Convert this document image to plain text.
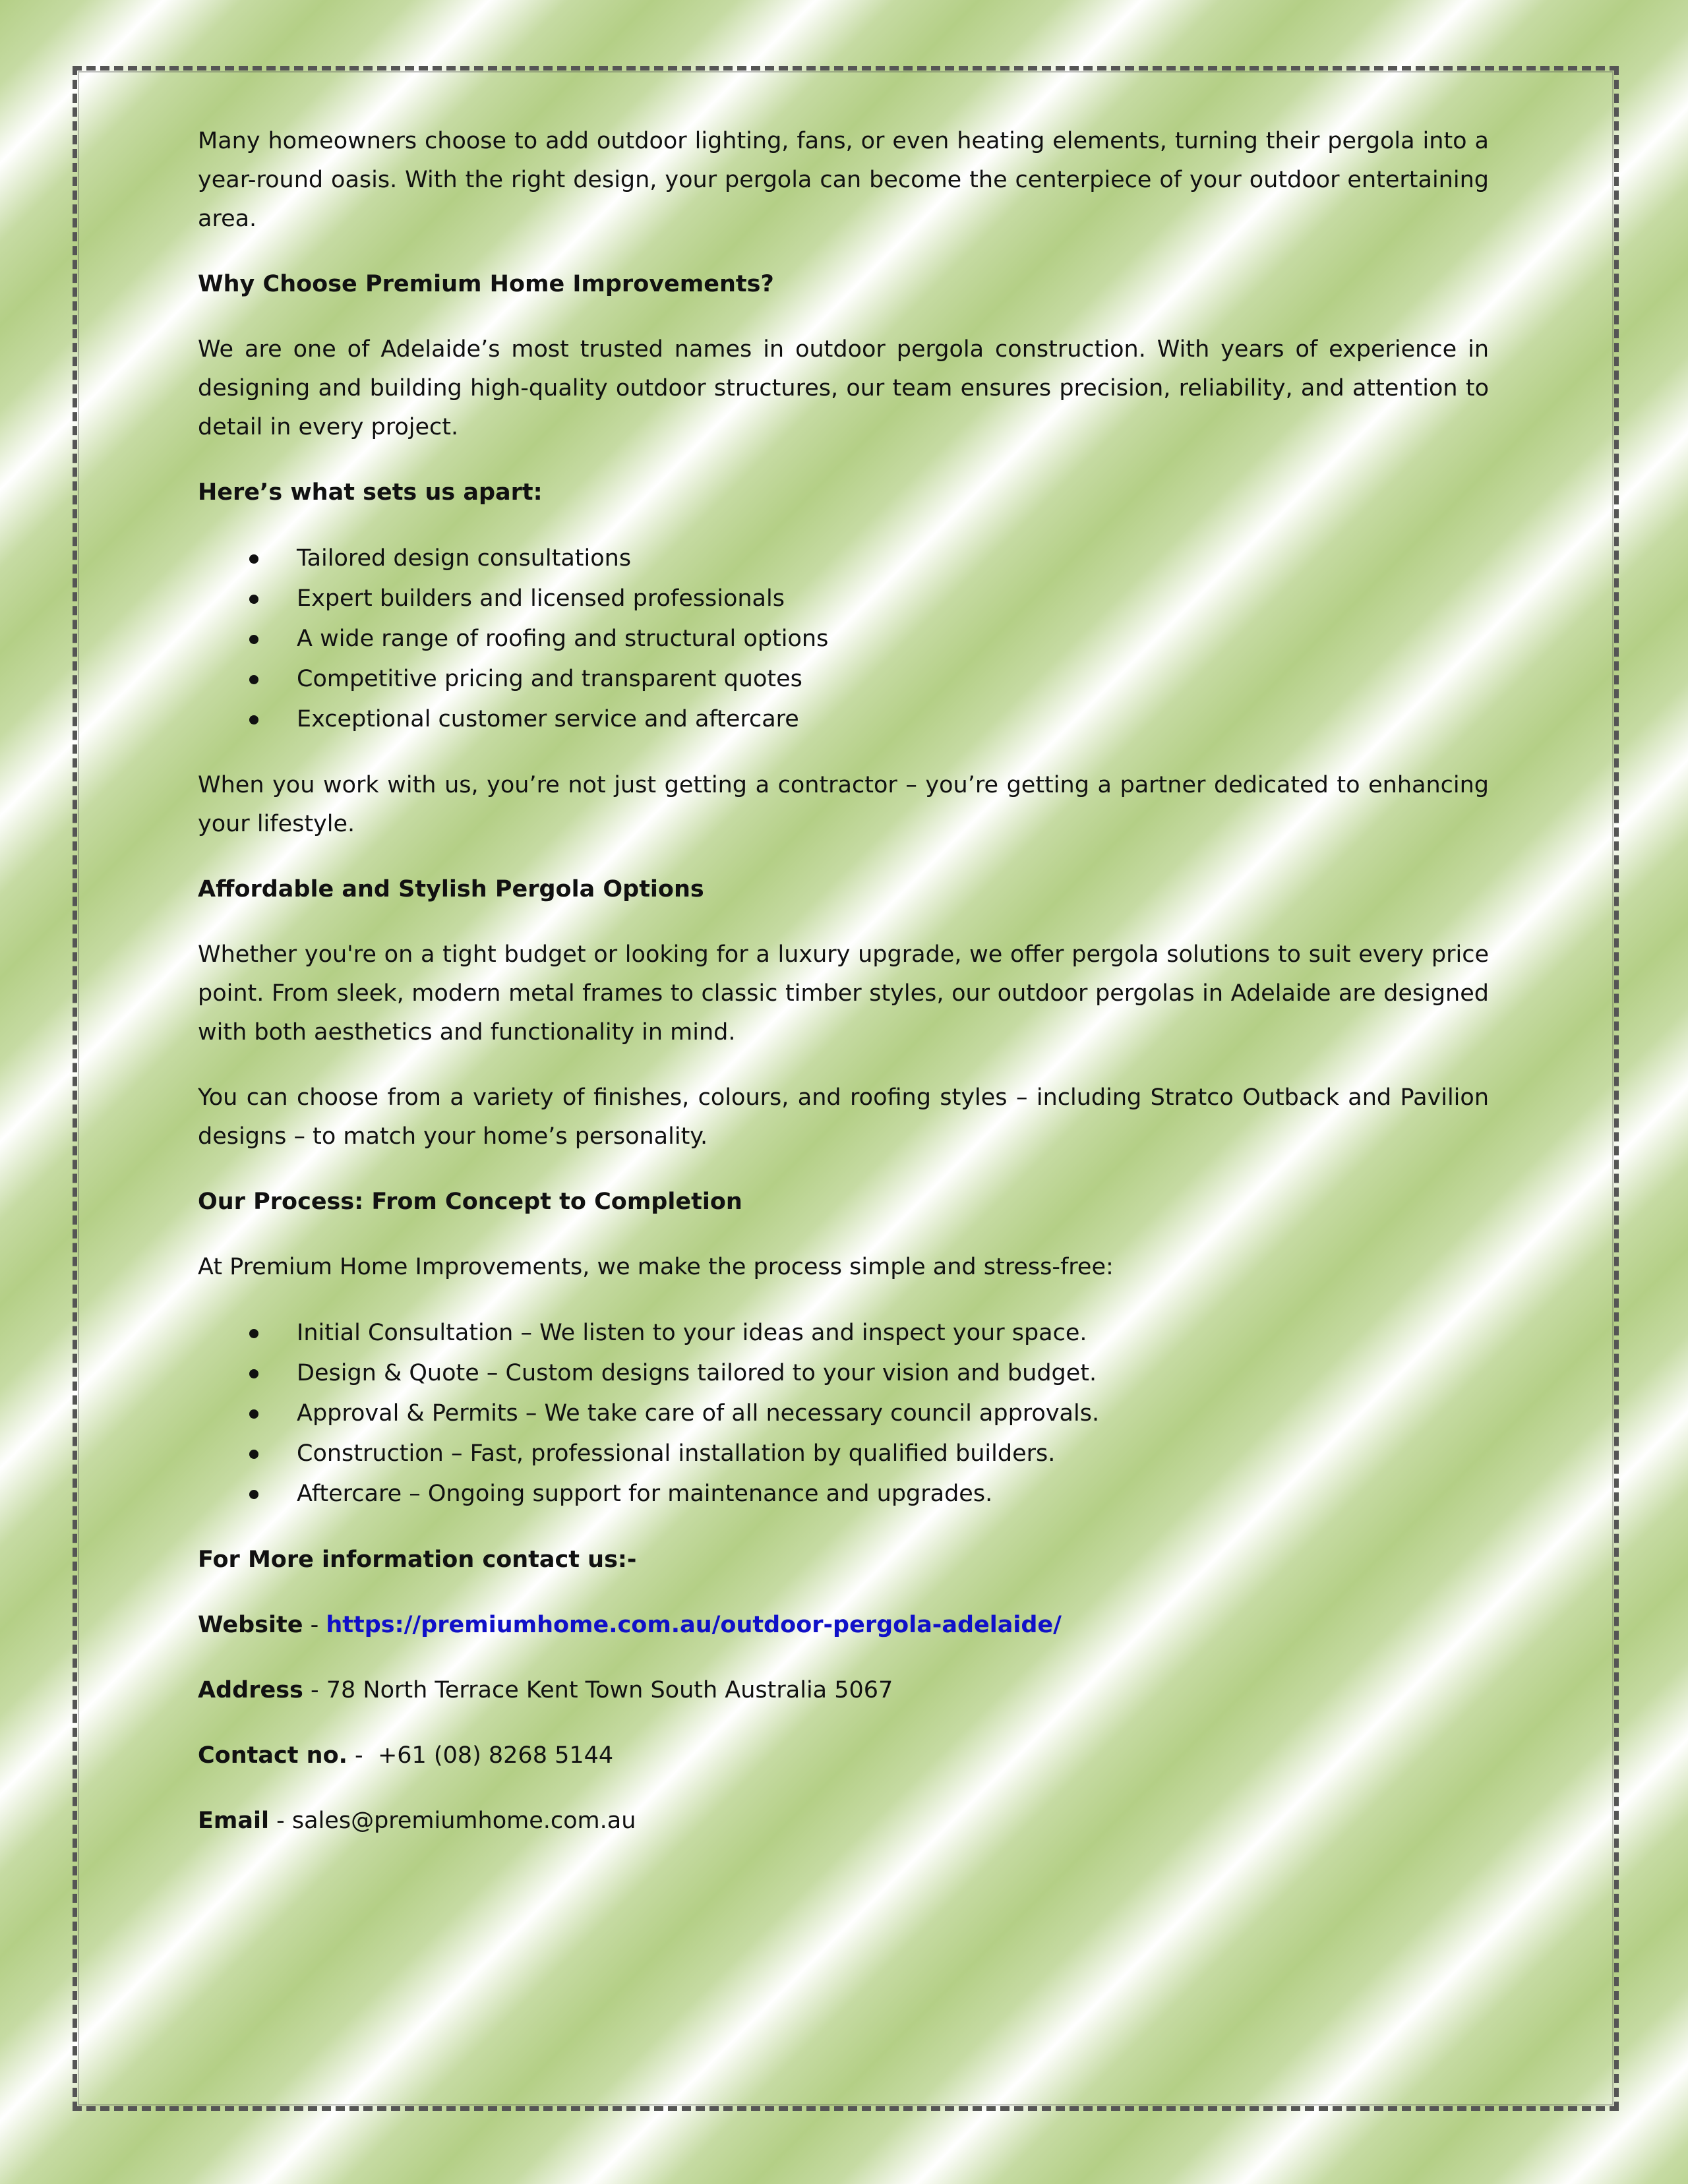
Many homeowners choose to add outdoor lighting, fans, or even heating elements, turning their pergola into a year-round oasis. With the right design, your pergola can become the centerpiece of your outdoor entertaining area.

Why Choose Premium Home Improvements?

We are one of Adelaide’s most trusted names in outdoor pergola construction. With years of experience in designing and building high-quality outdoor structures, our team ensures precision, reliability, and attention to detail in every project.

Here’s what sets us apart:
Tailored design consultations
Expert builders and licensed professionals
A wide range of roofing and structural options
Competitive pricing and transparent quotes
Exceptional customer service and aftercare

When you work with us, you’re not just getting a contractor – you’re getting a partner dedicated to enhancing your lifestyle.

Affordable and Stylish Pergola Options

Whether you're on a tight budget or looking for a luxury upgrade, we offer pergola solutions to suit every price point. From sleek, modern metal frames to classic timber styles, our outdoor pergolas in Adelaide are designed with both aesthetics and functionality in mind.

You can choose from a variety of finishes, colours, and roofing styles – including Stratco Outback and Pavilion designs – to match your home’s personality.

Our Process: From Concept to Completion

At Premium Home Improvements, we make the process simple and stress-free:

Initial Consultation – We listen to your ideas and inspect your space.
Design & Quote – Custom designs tailored to your vision and budget.
Approval & Permits – We take care of all necessary council approvals.
Construction – Fast, professional installation by qualified builders.
Aftercare – Ongoing support for maintenance and upgrades.
For More information contact us:-
Website - https://premiumhome.com.au/outdoor-pergola-adelaide/
Address - 78 North Terrace Kent Town South Australia 5067
Contact no. -  +61 (08) 8268 5144
Email - sales@premiumhome.com.au
